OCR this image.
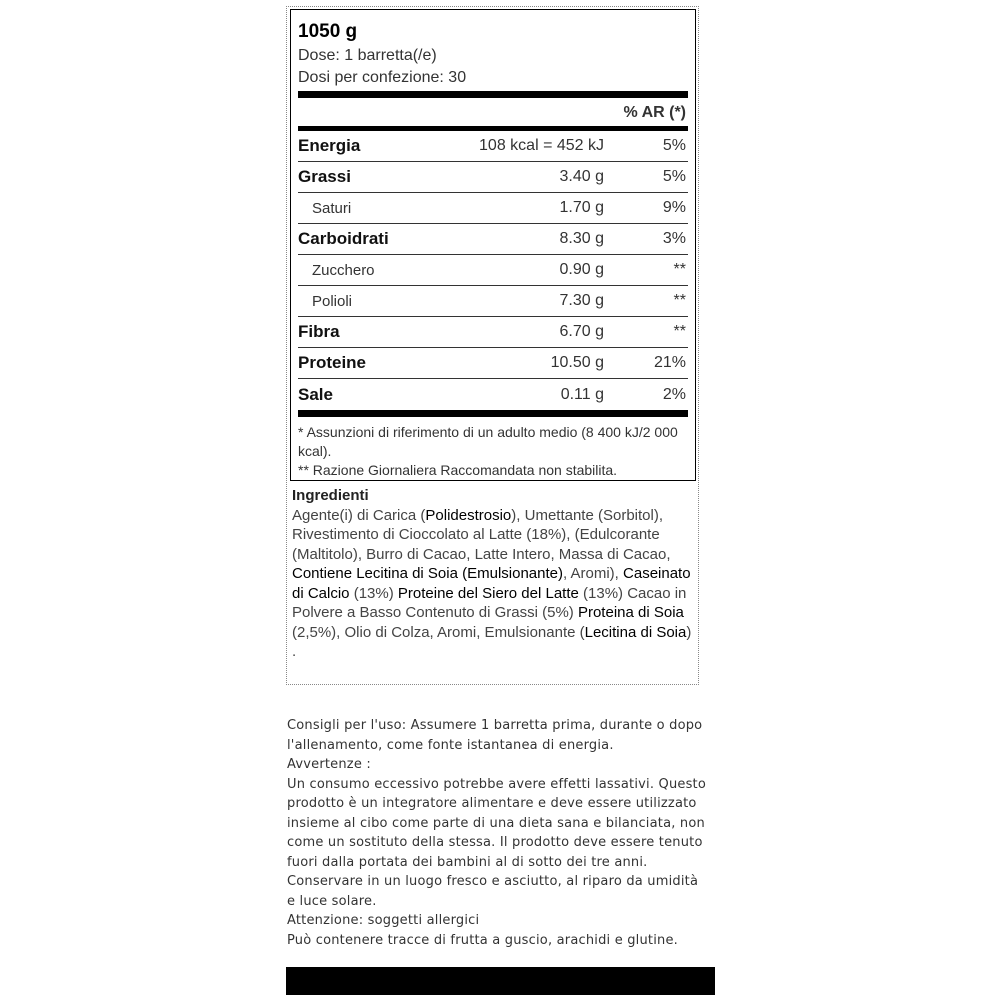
1050 g
Dose: 1 barretta(/e)
Dosi per confezione: 30
% AR (*)
Energia	108 kcal = 452 kJ	5%
Grassi	3.40 g	5%
Saturi	1.70 g	9%
Carboidrati	8.30 g	3%
Zucchero	0.90 g	**
Polioli	7.30 g	**
Fibra	6.70 g	**
Proteine	10.50 g	21%
Sale	0.11 g	2%

* Assunzioni di riferimento di un adulto medio (8 400 kJ/2 000 kcal).

** Razione Giornaliera Raccomandata non stabilita.

Ingredienti
Agente(i) di Carica (Polidestrosio), Umettante (Sorbitol), Rivestimento di Cioccolato al Latte (18%), (Edulcorante (Maltitolo), Burro di Cacao, Latte Intero, Massa di Cacao, Contiene Lecitina di Soia (Emulsionante), Aromi), Caseinato di Calcio (13%) Proteine del Siero del Latte (13%) Cacao in Polvere a Basso Contenuto di Grassi (5%) Proteina di Soia (2,5%), Olio di Colza, Aromi, Emulsionante (Lecitina di Soia) .

Consigli per l'uso: Assumere 1 barretta prima, durante o dopo l'allenamento, come fonte istantanea di energia.

Avvertenze :

Un consumo eccessivo potrebbe avere effetti lassativi. Questo prodotto è un integratore alimentare e deve essere utilizzato insieme al cibo come parte di una dieta sana e bilanciata, non come un sostituto della stessa. Il prodotto deve essere tenuto fuori dalla portata dei bambini al di sotto dei tre anni. Conservare in un luogo fresco e asciutto, al riparo da umidità e luce solare.

Attenzione: soggetti allergici

Può contenere tracce di frutta a guscio, arachidi e glutine.
